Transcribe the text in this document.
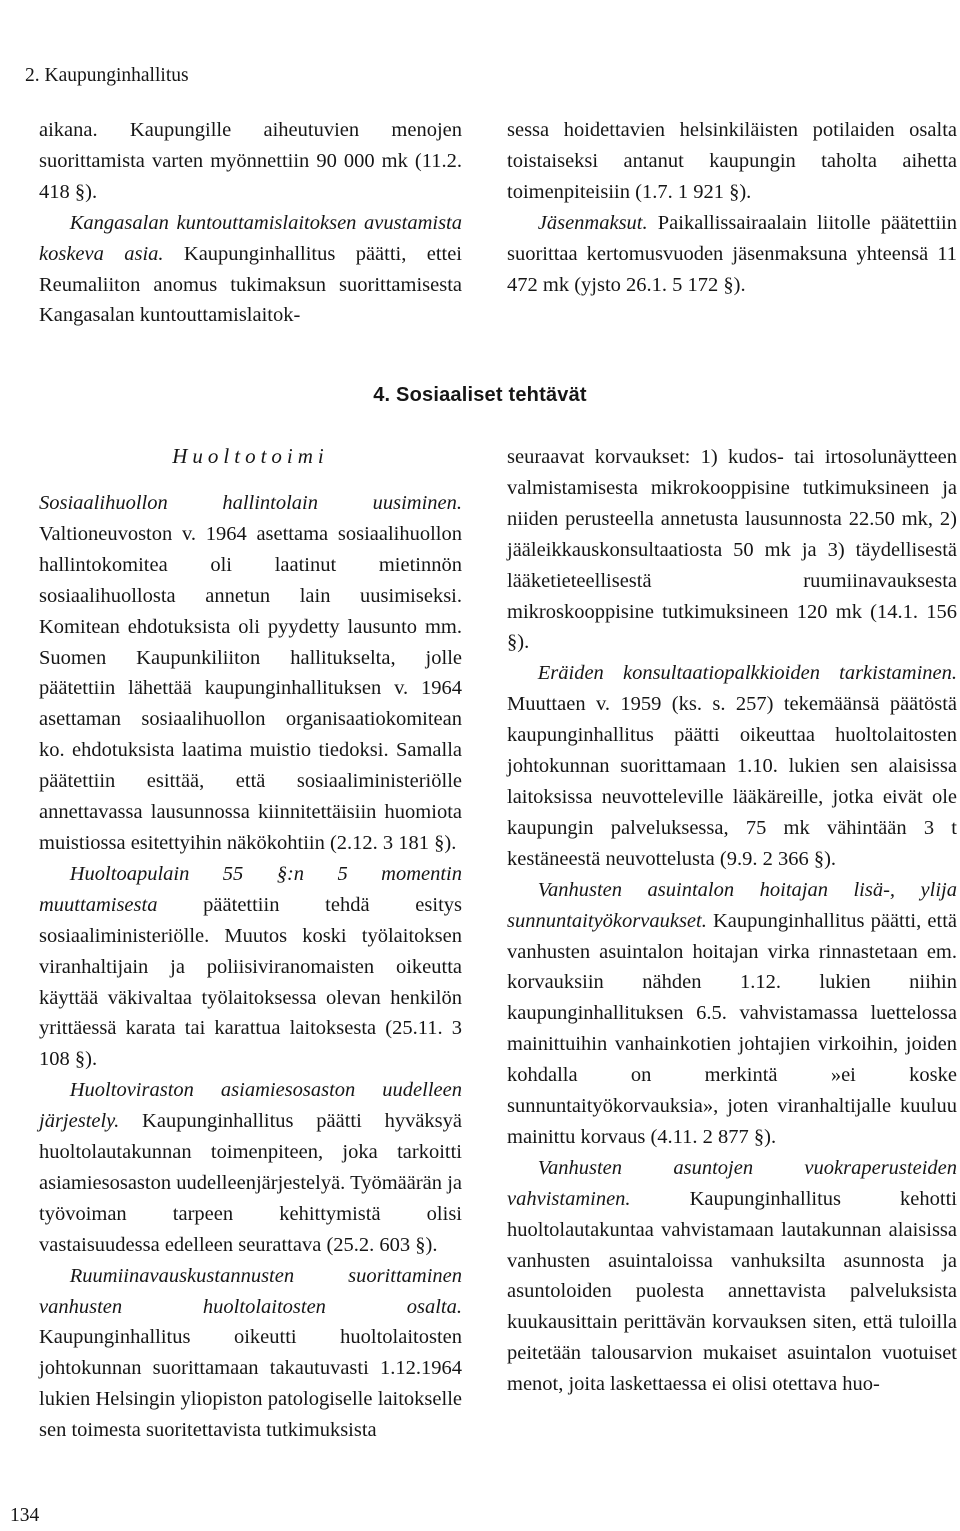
2. Kaupunginhallitus

aikana. Kaupungille aiheutuvien menojen suorittamista varten myönnettiin 90 000 mk (11.2. 418 §).

Kangasalan kuntouttamislaitoksen avustamista koskeva asia. Kaupunginhallitus päätti, ettei Reumaliiton anomus tukimaksun suorittamisesta Kangasalan kuntouttamislaitok-

sessa hoidettavien helsinkiläisten potilaiden osalta toistaiseksi antanut kaupungin taholta aihetta toimenpiteisiin (1.7. 1 921 §).

Jäsenmaksut. Paikallissairaalain liitolle päätettiin suorittaa kertomusvuoden jäsenmaksuna yhteensä 11 472 mk (yjsto 26.1. 5 172 §).

4. Sosiaaliset tehtävät
Huoltotoimi

Sosiaalihuollon hallintolain uusiminen. Valtioneuvoston v. 1964 asettama sosiaalihuollon hallintokomitea oli laatinut mietinnön sosiaalihuollosta annetun lain uusimiseksi. Komitean ehdotuksista oli pyydetty lausunto mm. Suomen Kaupunkiliiton hallitukselta, jolle päätettiin lähettää kaupunginhallituksen v. 1964 asettaman sosiaalihuollon organisaatiokomitean ko. ehdotuksista laatima muistio tiedoksi. Samalla päätettiin esittää, että sosiaaliministeriölle annettavassa lausunnossa kiinnitettäisiin huomiota muistiossa esitettyihin näkökohtiin (2.12. 3 181 §).

Huoltoapulain 55 §:n 5 momentin muuttamisesta päätettiin tehdä esitys sosiaaliministeriölle. Muutos koski työlaitoksen viranhaltijain ja poliisiviranomaisten oikeutta käyttää väkivaltaa työlaitoksessa olevan henkilön yrittäessä karata tai karattua laitoksesta (25.11. 3 108 §).

Huoltoviraston asiamiesosaston uudelleen järjestely. Kaupunginhallitus päätti hyväksyä huoltolautakunnan toimenpiteen, joka tarkoitti asiamiesosaston uudelleenjärjestelyä. Työmäärän ja työvoiman tarpeen kehittymistä olisi vastaisuudessa edelleen seurattava (25.2. 603 §).

Ruumiinavauskustannusten suorittaminen vanhusten huoltolaitosten osalta. Kaupunginhallitus oikeutti huoltolaitosten johtokunnan suorittamaan takautuvasti 1.12.1964 lukien Helsingin yliopiston patologiselle laitokselle sen toimesta suoritettavista tutkimuksista

seuraavat korvaukset: 1) kudos- tai irtosolunäytteen valmistamisesta mikrokooppisine tutkimuksineen ja niiden perusteella annetusta lausunnosta 22.50 mk, 2) jääleikkauskonsultaatiosta 50 mk ja 3) täydellisestä lääketieteellisestä ruumiinavauksesta mikroskooppisine tutkimuksineen 120 mk (14.1. 156 §).

Eräiden konsultaatiopalkkioiden tarkistaminen. Muuttaen v. 1959 (ks. s. 257) tekemäänsä päätöstä kaupunginhallitus päätti oikeuttaa huoltolaitosten johtokunnan suorittamaan 1.10. lukien sen alaisissa laitoksissa neuvotteleville lääkäreille, jotka eivät ole kaupungin palveluksessa, 75 mk vähintään 3 t kestäneestä neuvottelusta (9.9. 2 366 §).

Vanhusten asuintalon hoitajan lisä-, ylija sunnuntaityökorvaukset. Kaupunginhallitus päätti, että vanhusten asuintalon hoitajan virka rinnastetaan em. korvauksiin nähden 1.12. lukien niihin kaupunginhallituksen 6.5. vahvistamassa luettelossa mainittuihin vanhainkotien johtajien virkoihin, joiden kohdalla on merkintä »ei koske sunnuntaityökorvauksia», joten viranhaltijalle kuuluu mainittu korvaus (4.11. 2 877 §).

Vanhusten asuntojen vuokraperusteiden vahvistaminen. Kaupunginhallitus kehotti huoltolautakuntaa vahvistamaan lautakunnan alaisissa vanhusten asuintaloissa vanhuksilta asunnosta ja asuntoloiden puolesta annettavista palveluksista kuukausittain perittävän korvauksen siten, että tuloilla peitetään talousarvion mukaiset asuintalon vuotuiset menot, joita laskettaessa ei olisi otettava huo-

134
